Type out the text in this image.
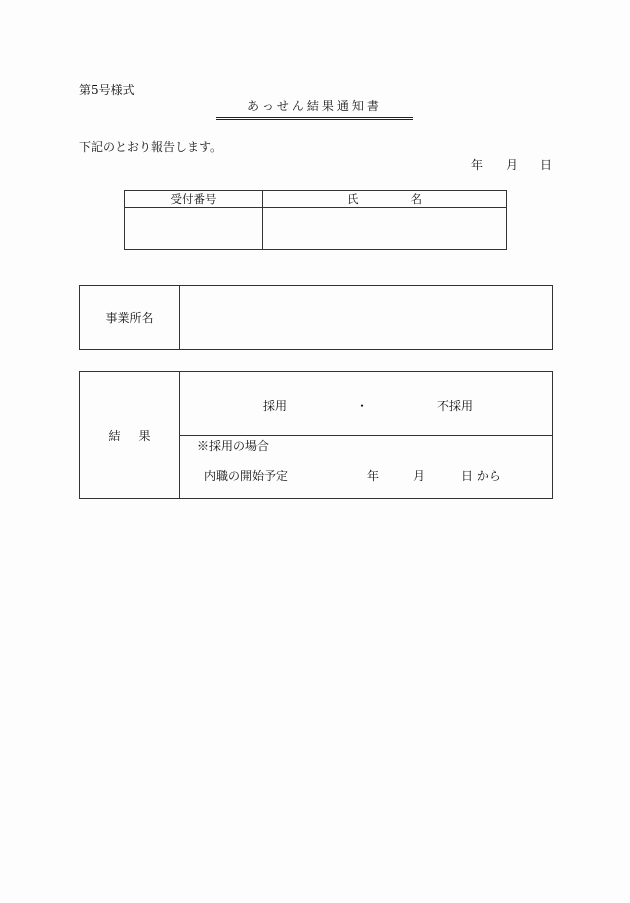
第5号様式
あっせん結果通知書
下記のとおり報告します。
年 月 日
受付番号	氏 名

事業所名	
結 果	
採用	・	不採用

※採用の場合
内職の開始予定	年	月	日 から
